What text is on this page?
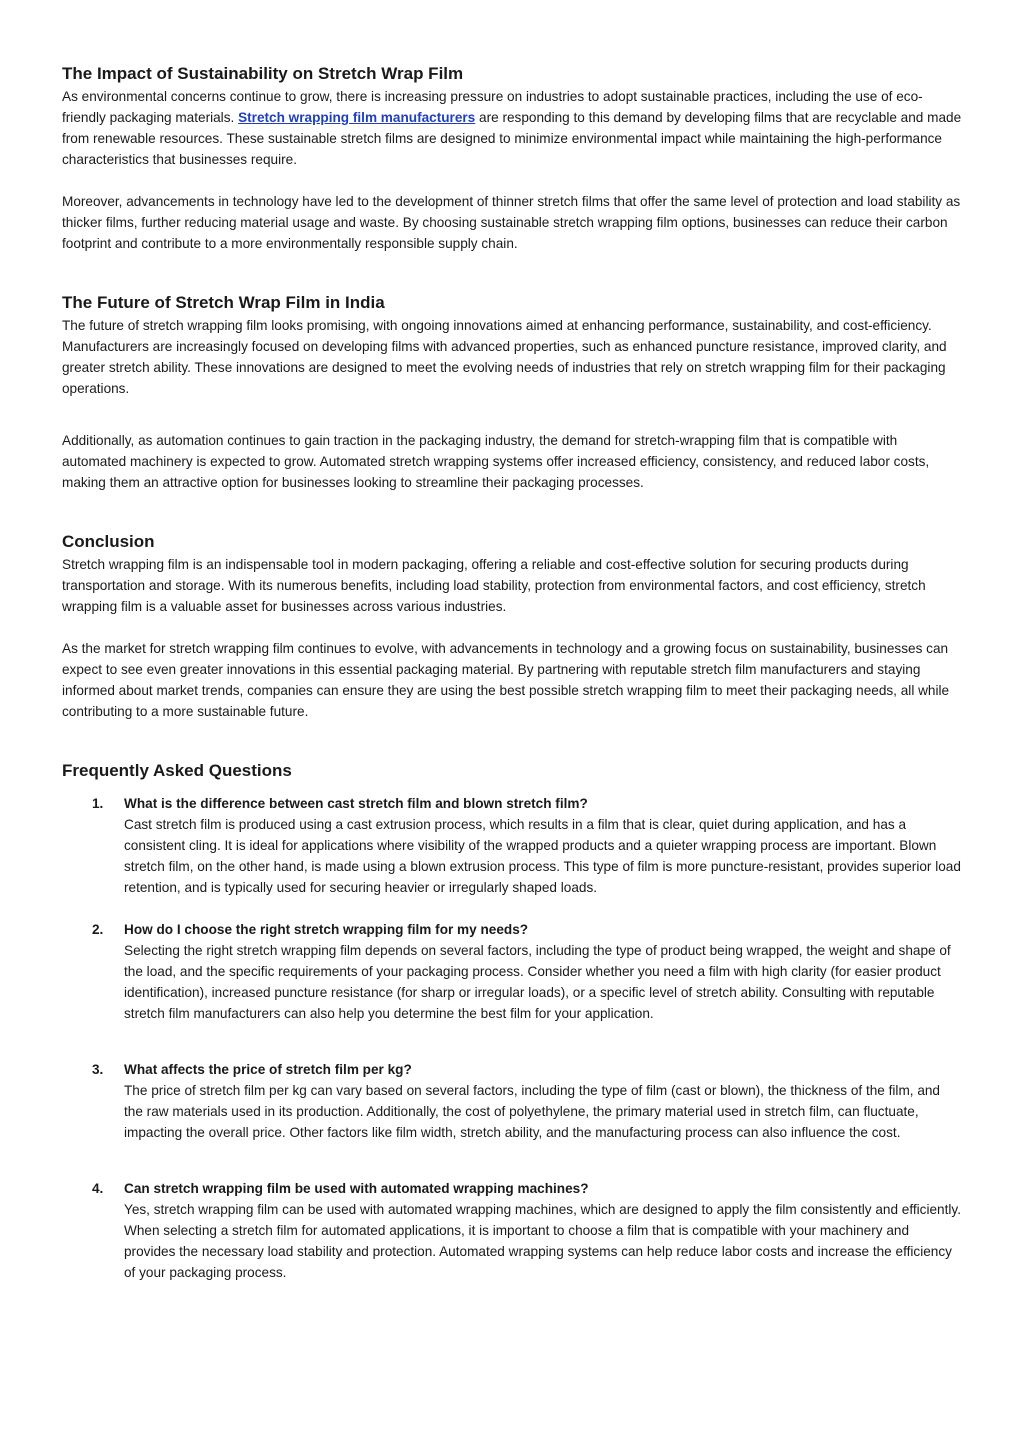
The Impact of Sustainability on Stretch Wrap Film

As environmental concerns continue to grow, there is increasing pressure on industries to adopt sustainable practices, including the use of eco-friendly packaging materials. Stretch wrapping film manufacturers are responding to this demand by developing films that are recyclable and made from renewable resources. These sustainable stretch films are designed to minimize environmental impact while maintaining the high-performance characteristics that businesses require.

Moreover, advancements in technology have led to the development of thinner stretch films that offer the same level of protection and load stability as thicker films, further reducing material usage and waste. By choosing sustainable stretch wrapping film options, businesses can reduce their carbon footprint and contribute to a more environmentally responsible supply chain.

The Future of Stretch Wrap Film in India

The future of stretch wrapping film looks promising, with ongoing innovations aimed at enhancing performance, sustainability, and cost-efficiency. Manufacturers are increasingly focused on developing films with advanced properties, such as enhanced puncture resistance, improved clarity, and greater stretch ability. These innovations are designed to meet the evolving needs of industries that rely on stretch wrapping film for their packaging operations.

Additionally, as automation continues to gain traction in the packaging industry, the demand for stretch-wrapping film that is compatible with automated machinery is expected to grow. Automated stretch wrapping systems offer increased efficiency, consistency, and reduced labor costs, making them an attractive option for businesses looking to streamline their packaging processes.

Conclusion

Stretch wrapping film is an indispensable tool in modern packaging, offering a reliable and cost-effective solution for securing products during transportation and storage. With its numerous benefits, including load stability, protection from environmental factors, and cost efficiency, stretch wrapping film is a valuable asset for businesses across various industries.

As the market for stretch wrapping film continues to evolve, with advancements in technology and a growing focus on sustainability, businesses can expect to see even greater innovations in this essential packaging material. By partnering with reputable stretch film manufacturers and staying informed about market trends, companies can ensure they are using the best possible stretch wrapping film to meet their packaging needs, all while contributing to a more sustainable future.

Frequently Asked Questions
1. What is the difference between cast stretch film and blown stretch film?
Cast stretch film is produced using a cast extrusion process, which results in a film that is clear, quiet during application, and has a consistent cling. It is ideal for applications where visibility of the wrapped products and a quieter wrapping process are important. Blown stretch film, on the other hand, is made using a blown extrusion process. This type of film is more puncture-resistant, provides superior load retention, and is typically used for securing heavier or irregularly shaped loads.
2. How do I choose the right stretch wrapping film for my needs?
Selecting the right stretch wrapping film depends on several factors, including the type of product being wrapped, the weight and shape of the load, and the specific requirements of your packaging process. Consider whether you need a film with high clarity (for easier product identification), increased puncture resistance (for sharp or irregular loads), or a specific level of stretch ability. Consulting with reputable stretch film manufacturers can also help you determine the best film for your application.
3. What affects the price of stretch film per kg?
The price of stretch film per kg can vary based on several factors, including the type of film (cast or blown), the thickness of the film, and the raw materials used in its production. Additionally, the cost of polyethylene, the primary material used in stretch film, can fluctuate, impacting the overall price. Other factors like film width, stretch ability, and the manufacturing process can also influence the cost.
4. Can stretch wrapping film be used with automated wrapping machines?
Yes, stretch wrapping film can be used with automated wrapping machines, which are designed to apply the film consistently and efficiently. When selecting a stretch film for automated applications, it is important to choose a film that is compatible with your machinery and provides the necessary load stability and protection. Automated wrapping systems can help reduce labor costs and increase the efficiency of your packaging process.
